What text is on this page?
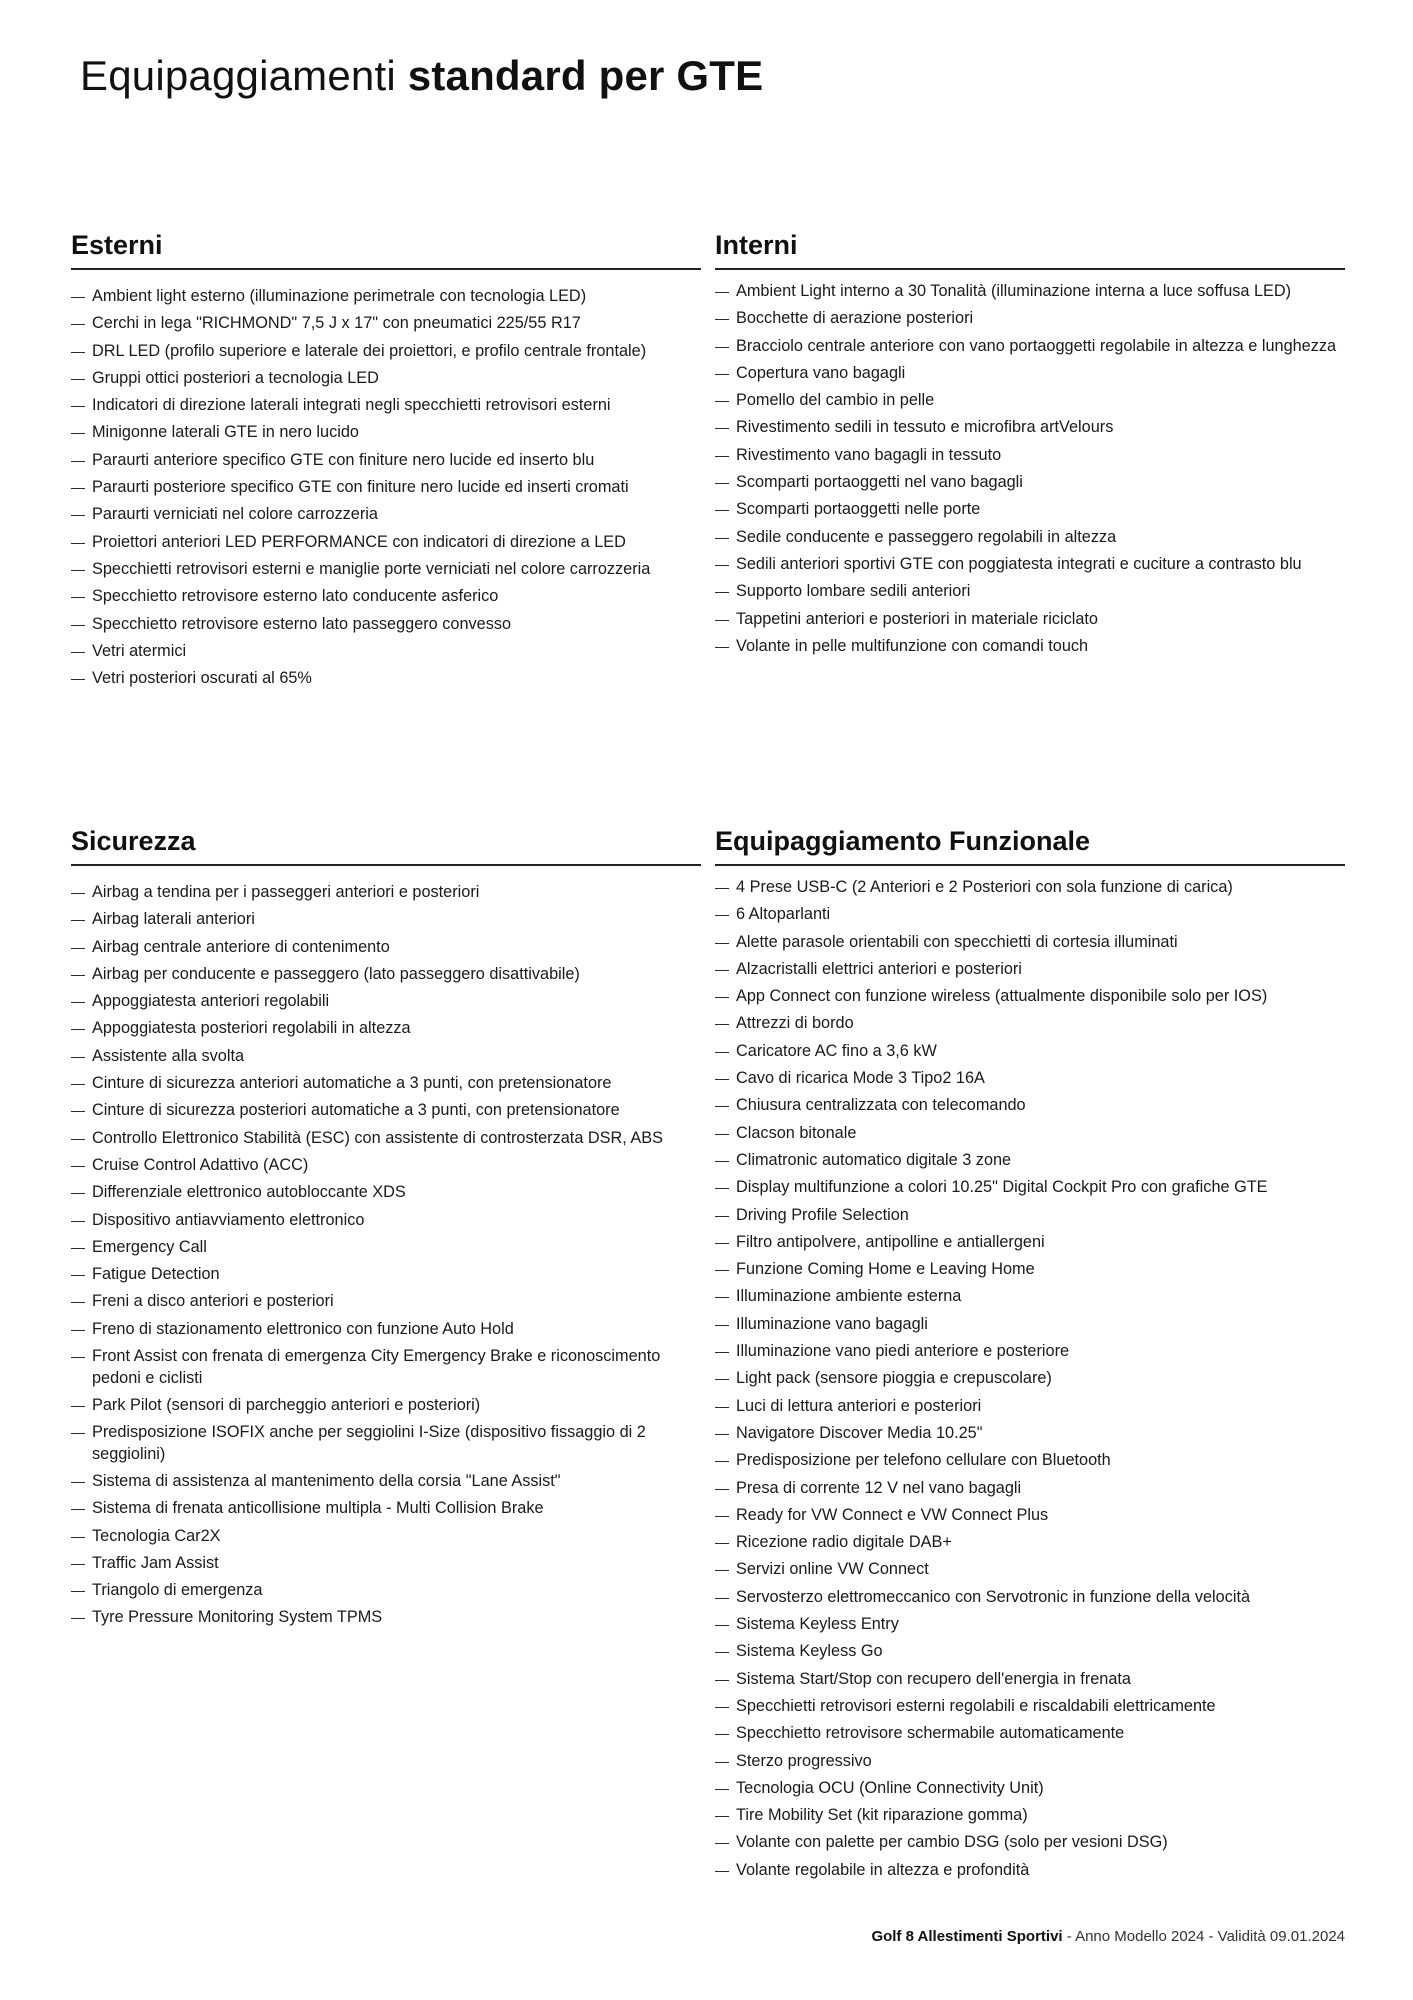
Equipaggiamenti standard per GTE
Esterni
— Ambient light esterno (illuminazione perimetrale con tecnologia LED)
— Cerchi in lega "RICHMOND" 7,5 J x 17" con pneumatici 225/55 R17
— DRL LED (profilo superiore e laterale dei proiettori, e profilo centrale frontale)
— Gruppi ottici posteriori a tecnologia LED
— Indicatori di direzione laterali integrati negli specchietti retrovisori esterni
— Minigonne laterali GTE in nero lucido
— Paraurti anteriore specifico GTE con finiture nero lucide ed inserto blu
— Paraurti posteriore specifico GTE con finiture nero lucide ed inserti cromati
— Paraurti verniciati nel colore carrozzeria
— Proiettori anteriori LED PERFORMANCE con indicatori di direzione a LED
— Specchietti retrovisori esterni e maniglie porte verniciati nel colore carrozzeria
— Specchietto retrovisore esterno lato conducente asferico
— Specchietto retrovisore esterno lato passeggero convesso
— Vetri atermici
— Vetri posteriori oscurati al 65%
Interni
— Ambient Light interno a 30 Tonalità (illuminazione interna a luce soffusa LED)
— Bocchette di aerazione posteriori
— Bracciolo centrale anteriore con vano portaoggetti regolabile in altezza e lunghezza
— Copertura vano bagagli
— Pomello del cambio in pelle
— Rivestimento sedili in tessuto e microfibra artVelours
— Rivestimento vano bagagli in tessuto
— Scomparti portaoggetti nel vano bagagli
— Scomparti portaoggetti nelle porte
— Sedile conducente e passeggero regolabili in altezza
— Sedili anteriori sportivi GTE con poggiatesta integrati e cuciture a contrasto blu
— Supporto lombare sedili anteriori
— Tappetini anteriori e posteriori in materiale riciclato
— Volante in pelle multifunzione con comandi touch
Sicurezza
— Airbag a tendina per i passeggeri anteriori e posteriori
— Airbag laterali anteriori
— Airbag centrale anteriore di contenimento
— Airbag per conducente e passeggero (lato passeggero disattivabile)
— Appoggiatesta anteriori regolabili
— Appoggiatesta posteriori regolabili in altezza
— Assistente alla svolta
— Cinture di sicurezza anteriori automatiche a 3 punti, con pretensionatore
— Cinture di sicurezza posteriori automatiche a 3 punti, con pretensionatore
— Controllo Elettronico Stabilità (ESC) con assistente di controsterzata DSR, ABS
— Cruise Control Adattivo (ACC)
— Differenziale elettronico autobloccante XDS
— Dispositivo antiavviamento elettronico
— Emergency Call
— Fatigue Detection
— Freni a disco anteriori e posteriori
— Freno di stazionamento elettronico con funzione Auto Hold
— Front Assist con frenata di emergenza City Emergency Brake e riconoscimento pedoni e ciclisti
— Park Pilot (sensori di parcheggio anteriori e posteriori)
— Predisposizione ISOFIX anche per seggiolini I-Size (dispositivo fissaggio di 2 seggiolini)
— Sistema di assistenza al mantenimento della corsia "Lane Assist"
— Sistema di frenata anticollisione multipla - Multi Collision Brake
— Tecnologia Car2X
— Traffic Jam Assist
— Triangolo di emergenza
— Tyre Pressure Monitoring System TPMS
Equipaggiamento Funzionale
— 4 Prese USB-C (2 Anteriori e 2 Posteriori con sola funzione di carica)
— 6 Altoparlanti
— Alette parasole orientabili con specchietti di cortesia illuminati
— Alzacristalli elettrici anteriori e posteriori
— App Connect con funzione wireless (attualmente disponibile solo per IOS)
— Attrezzi di bordo
— Caricatore AC fino a 3,6 kW
— Cavo di ricarica Mode 3 Tipo2 16A
— Chiusura centralizzata con telecomando
— Clacson bitonale
— Climatronic automatico digitale 3 zone
— Display multifunzione a colori 10.25" Digital Cockpit Pro con grafiche GTE
— Driving Profile Selection
— Filtro antipolvere, antipolline e antiallergeni
— Funzione Coming Home e Leaving Home
— Illuminazione ambiente esterna
— Illuminazione vano bagagli
— Illuminazione vano piedi anteriore e posteriore
— Light pack (sensore pioggia e crepuscolare)
— Luci di lettura anteriori e posteriori
— Navigatore Discover Media 10.25"
— Predisposizione per telefono cellulare con Bluetooth
— Presa di corrente 12 V nel vano bagagli
— Ready for VW Connect e VW Connect Plus
— Ricezione radio digitale DAB+
— Servizi online VW Connect
— Servosterzo elettromeccanico con Servotronic in funzione della velocità
— Sistema Keyless Entry
— Sistema Keyless Go
— Sistema Start/Stop con recupero dell'energia in frenata
— Specchietti retrovisori esterni regolabili e riscaldabili elettricamente
— Specchietto retrovisore schermabile automaticamente
— Sterzo progressivo
— Tecnologia OCU (Online Connectivity Unit)
— Tire Mobility Set (kit riparazione gomma)
— Volante con palette per cambio DSG (solo per vesioni DSG)
— Volante regolabile in altezza e profondità
Golf 8 Allestimenti Sportivi - Anno Modello 2024 - Validità 09.01.2024
